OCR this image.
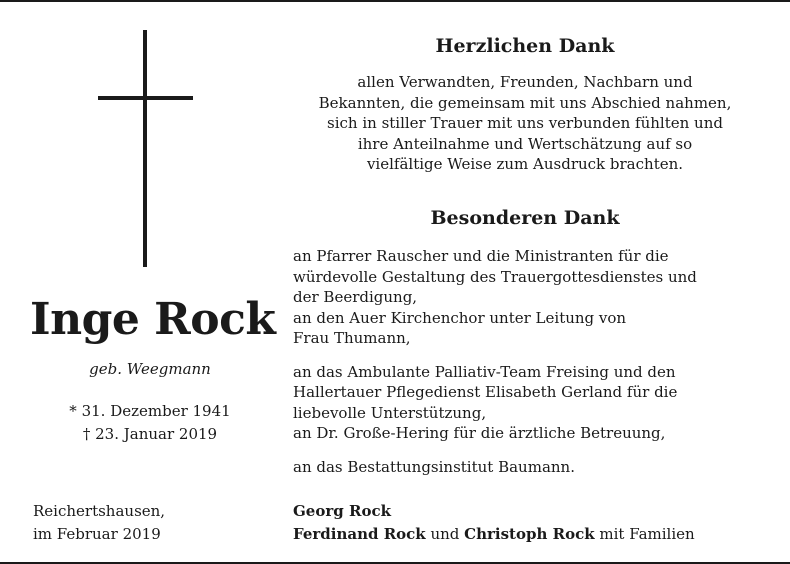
Inge Rock
geb. Weegmann
* 31. Dezember 1941
† 23. Januar 2019
Reichertshausen,
im Februar 2019
Herzlichen Dank
allen Verwandten, Freunden, Nachbarn und
Bekannten, die gemeinsam mit uns Abschied nahmen,
sich in stiller Trauer mit uns verbunden fühlten und
ihre Anteilnahme und Wertschätzung auf so
vielfältige Weise zum Ausdruck brachten.
Besonderen Dank
an Pfarrer Rauscher und die Ministranten für die
würdevolle Gestaltung des Trauergottesdienstes und
der Beerdigung,
an den Auer Kirchenchor unter Leitung von
Frau Thumann,
an das Ambulante Palliativ-Team Freising und den
Hallertauer Pflegedienst Elisabeth Gerland für die
liebevolle Unterstützung,
an Dr. Große-Hering für die ärztliche Betreuung,
an das Bestattungsinstitut Baumann.
Georg Rock
Ferdinand Rock und Christoph Rock mit Familien
